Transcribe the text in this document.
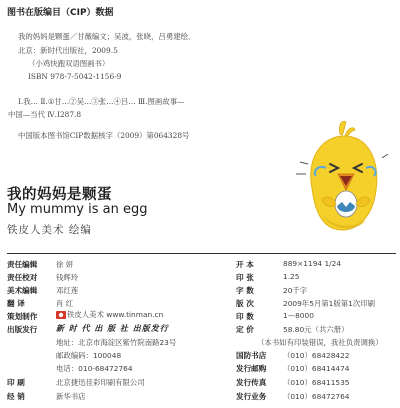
图书在版编目（CIP）数据
我的妈妈是颗蛋／甘薇编文；吴波，张晓，吕勇建绘．
北京：新时代出版社，2009.5
（小鸡快跑双语图画书）
ISBN 978-7-5042-1156-9
Ⅰ.我… Ⅱ.①甘…②吴…③张…④吕… Ⅲ.图画故事—
中国—当代 Ⅳ.I287.8
中国版本图书馆CIP数据核字（2009）第064328号
我的妈妈是颗蛋
My mummy is an egg
铁皮人美术 绘编
责任编辑	徐 妍
责任校对	钱辉玲
美术编辑	邓红莲
翻 译	肖 红
策划制作	铁皮人美术 www.tinman.cn
出版发行 新 时 代 出 版 社 出版发行
地址：北京市海淀区紫竹院南路23号
邮政编码：100048
电话：010-68472764
印 刷	北京捷迅佳彩印刷有限公司
经 销	新华书店
开 本	889×1194 1/24
印 张	1.25
字 数	20千字
版 次	2009年5月第1版第1次印刷
印 数	1—8000
定 价	58.80元（共六册）
（本书如有印装错误，我社负责调换）
国防书店 （010）68428422
发行邮购 （010）68414474
发行传真 （010）68411535
发行业务 （010）68472764
